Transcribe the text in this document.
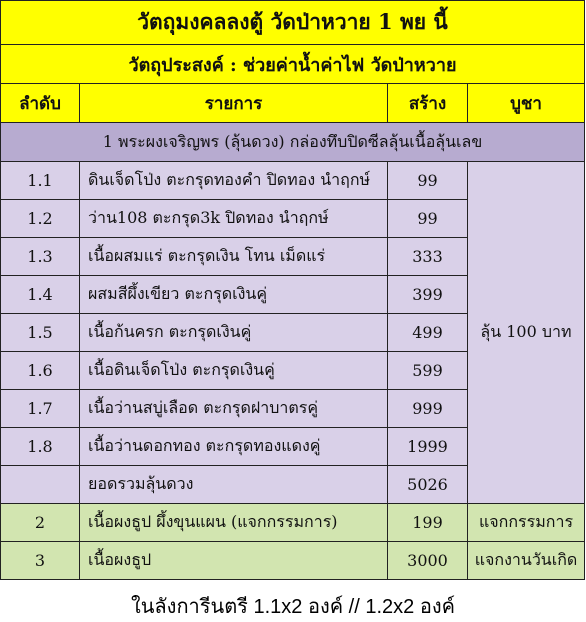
วัตถุมงคลลงตู้ วัดป่าหวาย 1 พย นี้			
วัตถุประสงค์ : ช่วยค่าน้ำค่าไฟ วัดป่าหวาย			
ลำดับ	รายการ	สร้าง	บูชา
1 พระผงเจริญพร (ลุ้นดวง) กล่องทึบปิดซีลลุ้นเนื้อลุ้นเลข			
1.1	ดินเจ็ดโป่ง ตะกรุดทองคำ ปิดทอง นำฤกษ์	99	ลุ้น 100 บาท
1.2	ว่าน108 ตะกรุด3k ปิดทอง นำฤกษ์	99	
1.3	เนื้อผสมแร่ ตะกรุดเงิน โทน เม็ดแร่	333	
1.4	ผสมสีผึ้งเขียว ตะกรุดเงินคู่	399	
1.5	เนื้อก้นครก ตะกรุดเงินคู่	499	
1.6	เนื้อดินเจ็ดโป่ง ตะกรุดเงินคู่	599	
1.7	เนื้อว่านสบู่เลือด ตะกรุดฝาบาตรคู่	999	
1.8	เนื้อว่านดอกทอง ตะกรุดทองแดงคู่	1999	
	ยอดรวมลุ้นดวง	5026	
2	เนื้อผงธูป ผึ้งขุนแผน (แจกกรรมการ)	199	แจกกรรมการ
3	เนื้อผงธูป	3000	แจกงานวันเกิด
ในลังการีนตรี 1.1x2 องค์ // 1.2x2 องค์
